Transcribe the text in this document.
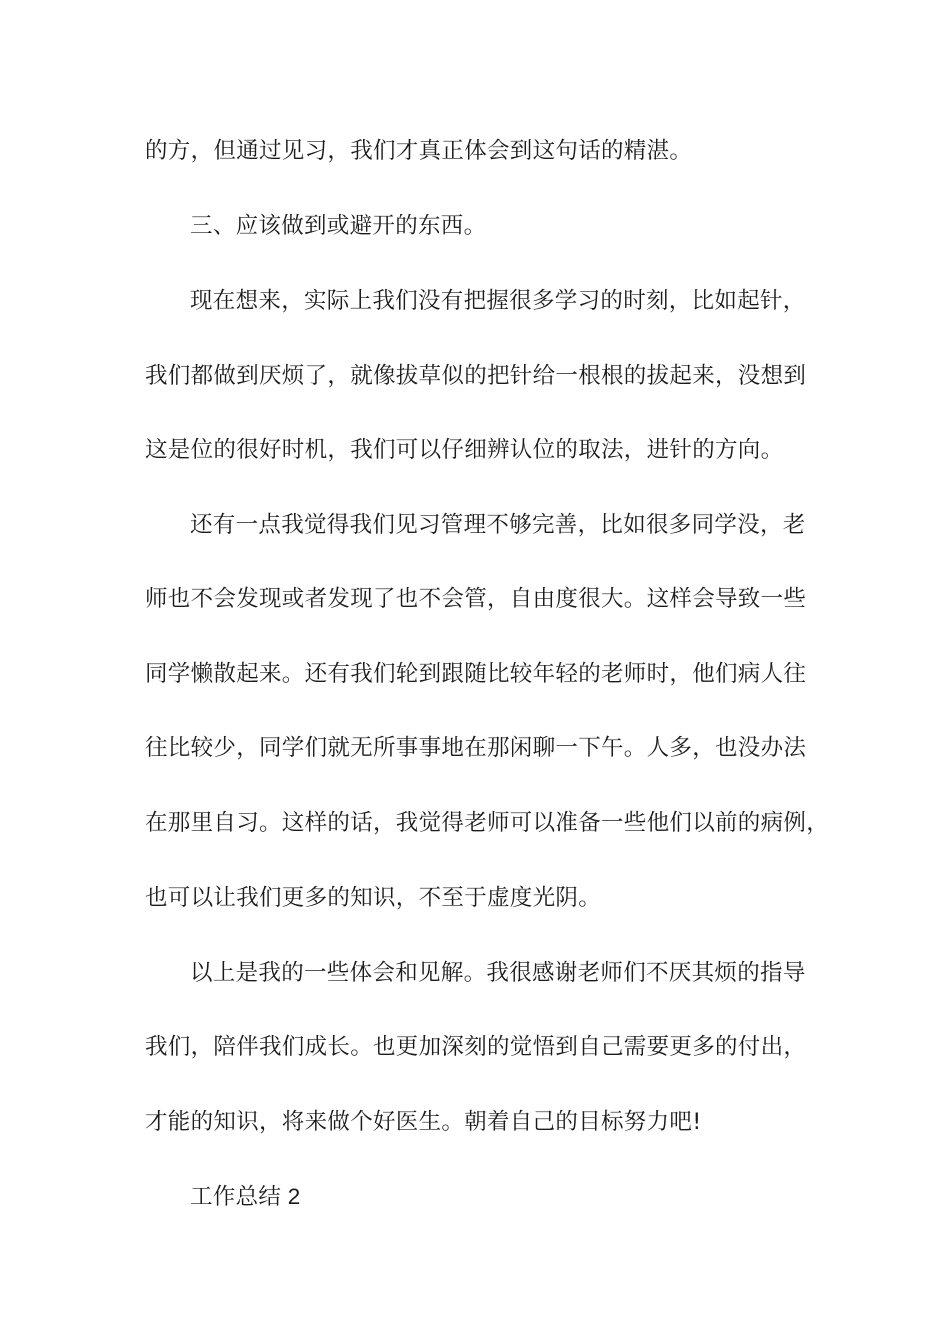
的方，但通过见习，我们才真正体会到这句话的精湛。
三、应该做到或避开的东西。
现在想来，实际上我们没有把握很多学习的时刻，比如起针，
我们都做到厌烦了，就像拔草似的把针给一根根的拔起来，没想到
这是位的很好时机，我们可以仔细辨认位的取法，进针的方向。
还有一点我觉得我们见习管理不够完善，比如很多同学没，老
师也不会发现或者发现了也不会管，自由度很大。这样会导致一些
同学懒散起来。还有我们轮到跟随比较年轻的老师时，他们病人往
往比较少，同学们就无所事事地在那闲聊一下午。人多，也没办法
在那里自习。这样的话，我觉得老师可以准备一些他们以前的病例，
也可以让我们更多的知识，不至于虚度光阴。
以上是我的一些体会和见解。我很感谢老师们不厌其烦的指导
我们，陪伴我们成长。也更加深刻的觉悟到自己需要更多的付出，
才能的知识，将来做个好医生。朝着自己的目标努力吧!
工作总结 2
